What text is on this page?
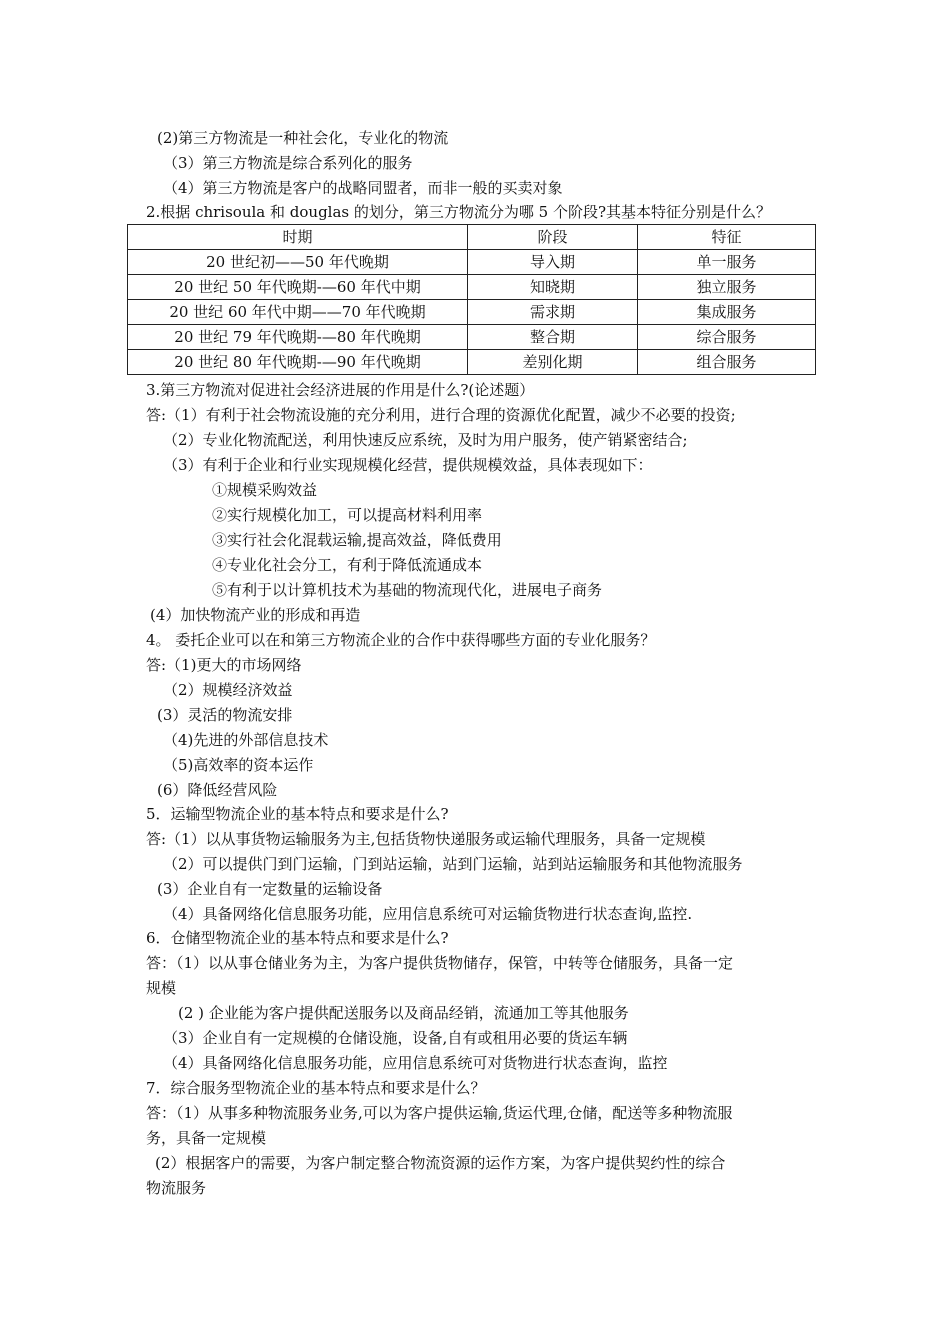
(2)第三方物流是一种社会化，专业化的物流
（3）第三方物流是综合系列化的服务
（4）第三方物流是客户的战略同盟者，而非一般的买卖对象
2.根据 chrisoula 和 douglas 的划分，第三方物流分为哪 5 个阶段?其基本特征分别是什么？
时期	阶段	特征
20 世纪初——50 年代晚期	导入期	单一服务
20 世纪 50 年代晚期-—60 年代中期	知晓期	独立服务
20 世纪 60 年代中期——70 年代晚期	需求期	集成服务
20 世纪 79 年代晚期-—80 年代晚期	整合期	综合服务
20 世纪 80 年代晚期-—90 年代晚期	差别化期	组合服务
3.第三方物流对促进社会经济进展的作用是什么?(论述题）
答:（1）有利于社会物流设施的充分利用，进行合理的资源优化配置，减少不必要的投资;
（2）专业化物流配送，利用快速反应系统，及时为用户服务，使产销紧密结合;
（3）有利于企业和行业实现规模化经营，提供规模效益，具体表现如下：
①规模采购效益
②实行规模化加工，可以提高材料利用率
③实行社会化混载运输,提高效益，降低费用
④专业化社会分工，有利于降低流通成本
⑤有利于以计算机技术为基础的物流现代化，进展电子商务
(4）加快物流产业的形成和再造
4。 委托企业可以在和第三方物流企业的合作中获得哪些方面的专业化服务？
答:（1)更大的市场网络
（2）规模经济效益
(3）灵活的物流安排
（4)先进的外部信息技术
（5)高效率的资本运作
(6）降低经营风险
5．运输型物流企业的基本特点和要求是什么?
答:（1）以从事货物运输服务为主,包括货物快递服务或运输代理服务，具备一定规模
（2）可以提供门到门运输，门到站运输，站到门运输，站到站运输服务和其他物流服务
(3）企业自有一定数量的运输设备
（4）具备网络化信息服务功能，应用信息系统可对运输货物进行状态查询,监控.
6．仓储型物流企业的基本特点和要求是什么?
答：（1）以从事仓储业务为主，为客户提供货物储存，保管，中转等仓储服务，具备一定
规模
(2 ) 企业能为客户提供配送服务以及商品经销，流通加工等其他服务
（3）企业自有一定规模的仓储设施，设备,自有或租用必要的货运车辆
（4）具备网络化信息服务功能，应用信息系统可对货物进行状态查询，监控
7．综合服务型物流企业的基本特点和要求是什么？
答：（1）从事多种物流服务业务,可以为客户提供运输,货运代理,仓储，配送等多种物流服
务，具备一定规模
(2）根据客户的需要，为客户制定整合物流资源的运作方案，为客户提供契约性的综合
物流服务
